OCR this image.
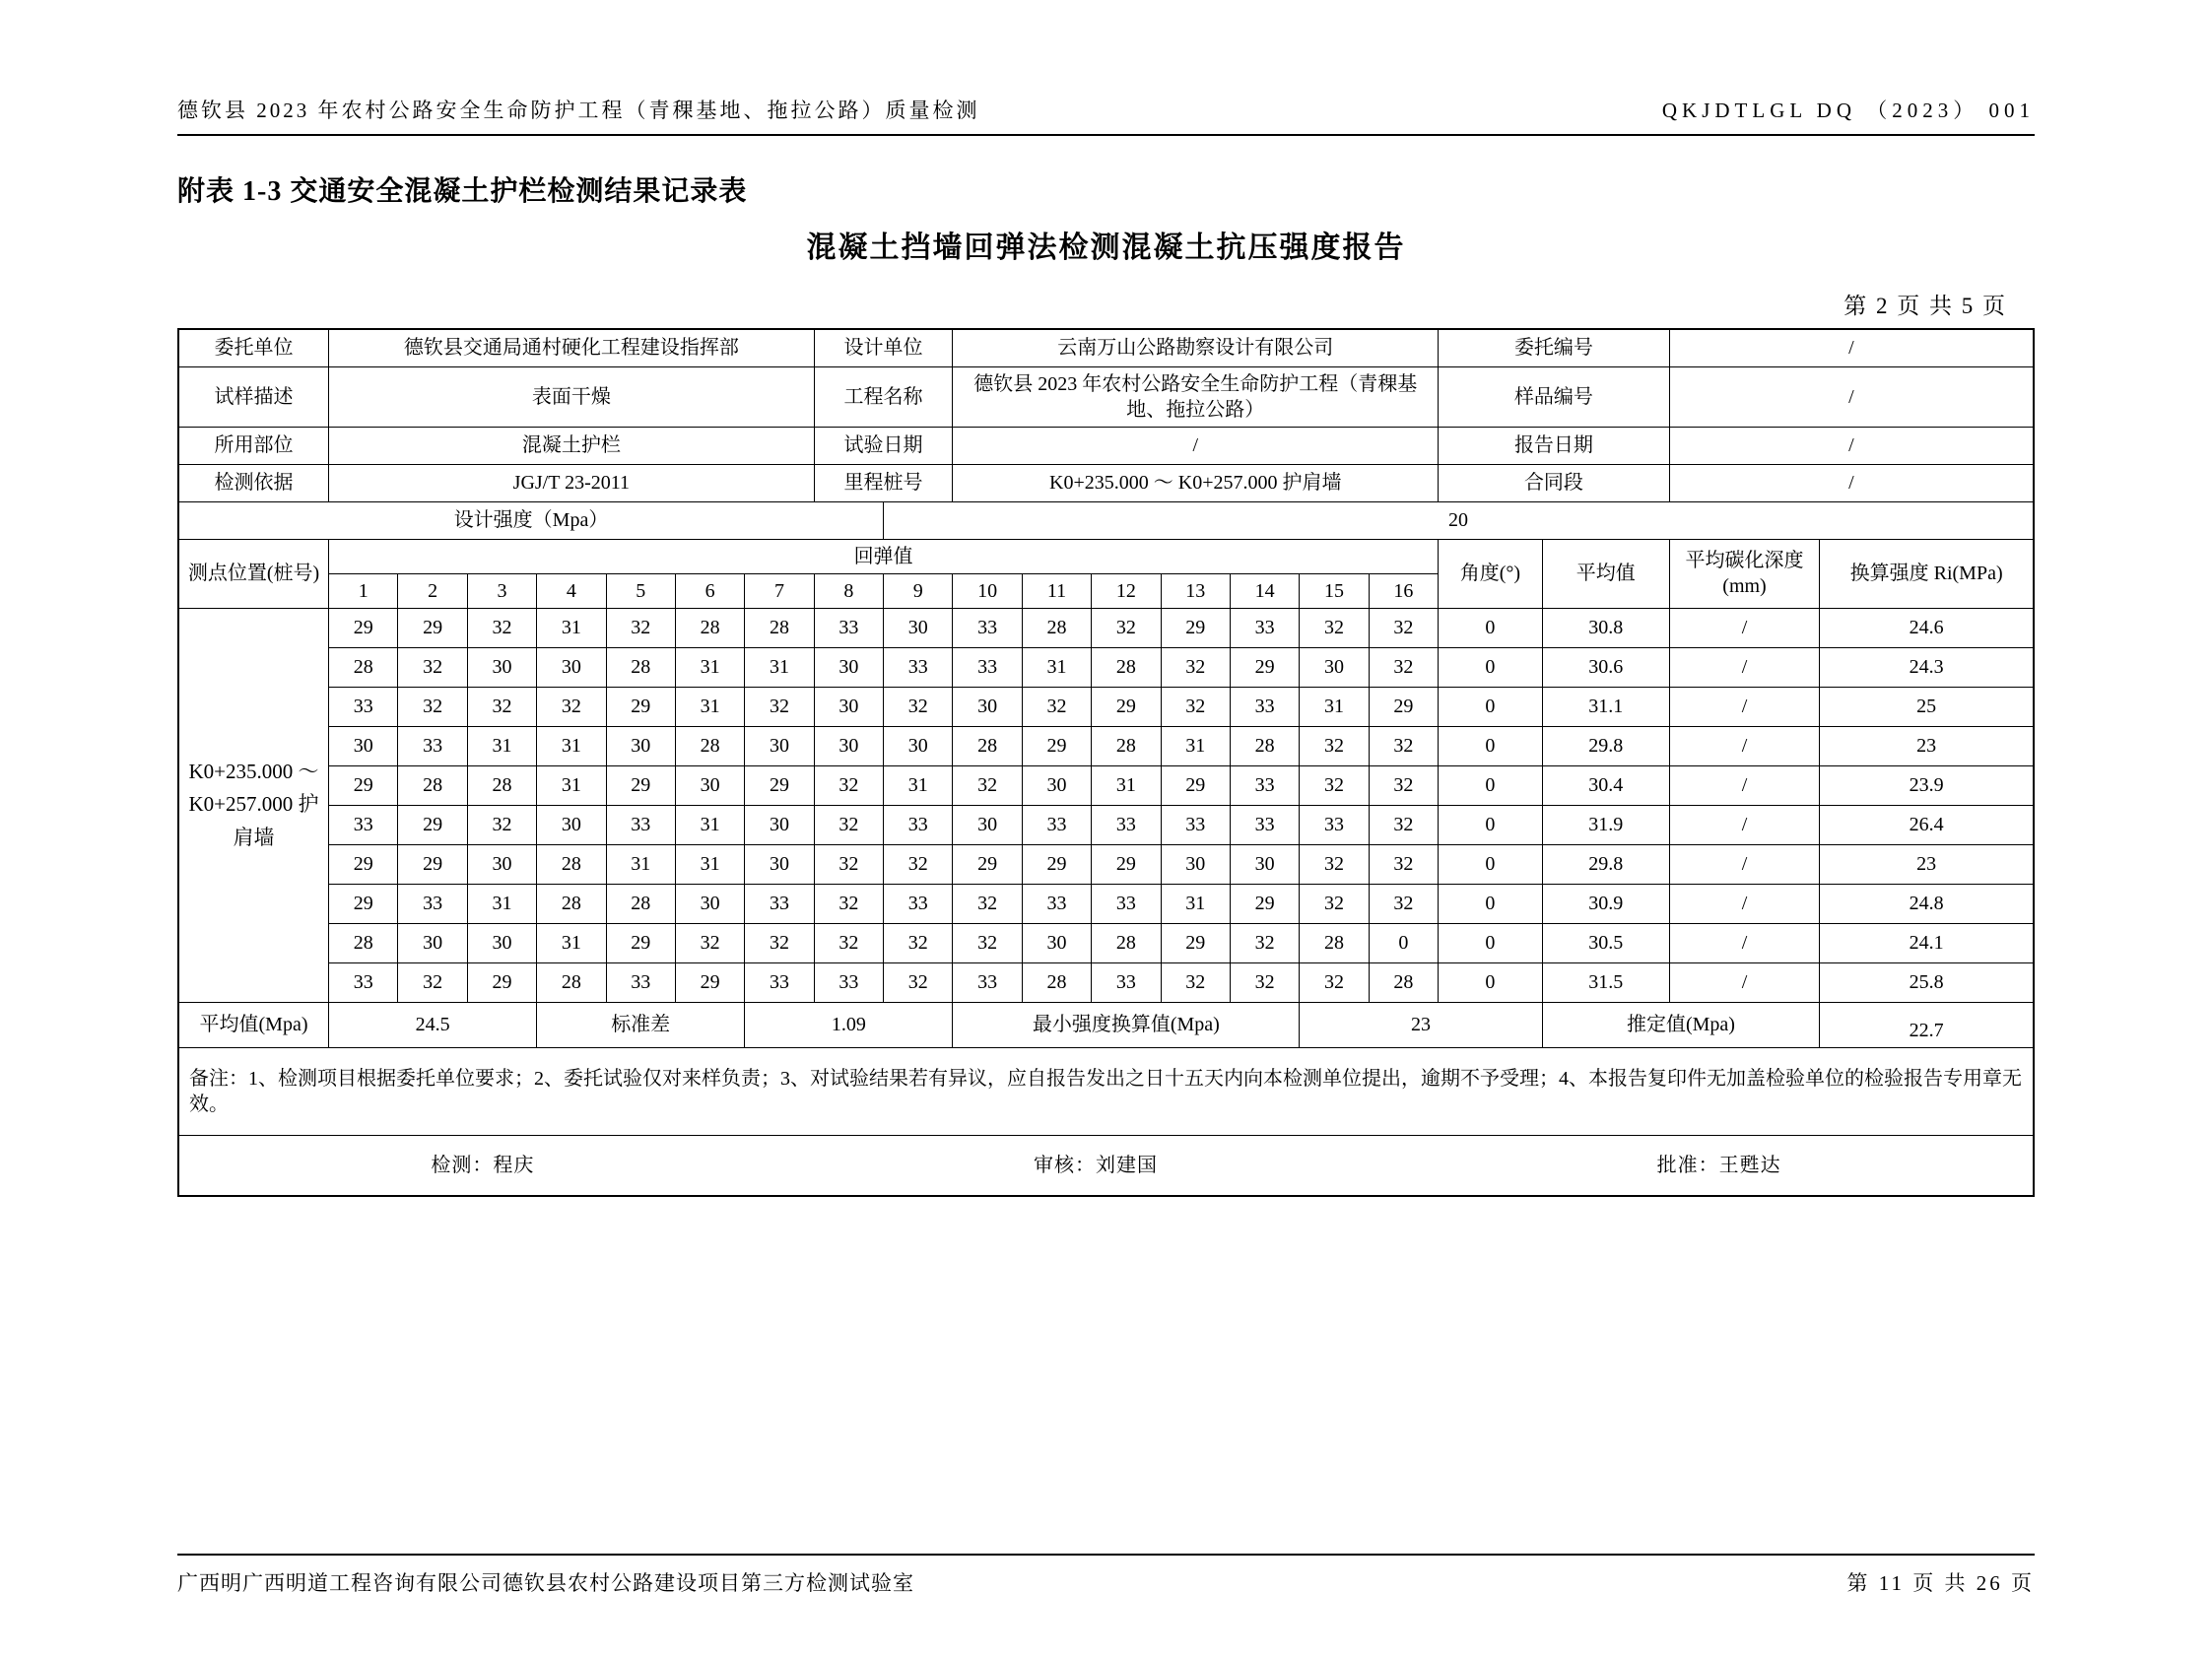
德钦县 2023 年农村公路安全生命防护工程（青稞基地、拖拉公路）质量检测	QKJDTLGL DQ （2023） 001
附表 1-3 交通安全混凝土护栏检测结果记录表
混凝土挡墙回弹法检测混凝土抗压强度报告
第 2 页 共 5 页
委托单位	德钦县交通局通村硬化工程建设指挥部							设计单位		云南万山公路勘察设计有限公司							委托编号		/	
试样描述	表面干燥							工程名称		德钦县 2023 年农村公路安全生命防护工程（青稞基地、拖拉公路）							样品编号		/	
所用部位	混凝土护栏							试验日期		/							报告日期		/	
检测依据	JGJ/T 23-2011							里程桩号		K0+235.000 ～ K0+257.000 护肩墙							合同段		/	
设计强度（Mpa）									20											
测点位置(桩号)	回弹值																角度(°)	平均值	平均碳化深度(mm)	换算强度 Ri(MPa)
	1	2	3	4	5	6	7	8	9	10	11	12	13	14	15	16				
K0+235.000 ～ K0+257.000 护肩墙	29	29	32	31	32	28	28	33	30	33	28	32	29	33	32	32	0	30.8	/	24.6
	28	32	30	30	28	31	31	30	33	33	31	28	32	29	30	32	0	30.6	/	24.3
	33	32	32	32	29	31	32	30	32	30	32	29	32	33	31	29	0	31.1	/	25
	30	33	31	31	30	28	30	30	30	28	29	28	31	28	32	32	0	29.8	/	23
	29	28	28	31	29	30	29	32	31	32	30	31	29	33	32	32	0	30.4	/	23.9
	33	29	32	30	33	31	30	32	33	30	33	33	33	33	33	32	0	31.9	/	26.4
	29	29	30	28	31	31	30	32	32	29	29	29	30	30	32	32	0	29.8	/	23
	29	33	31	28	28	30	33	32	33	32	33	33	31	29	32	32	0	30.9	/	24.8
	28	30	30	31	29	32	32	32	32	32	30	28	29	32	28	0	0	30.5	/	24.1
	33	32	29	28	33	29	33	33	32	33	28	33	32	32	32	28	0	31.5	/	25.8
平均值(Mpa)	24.5			标准差			1.09			最小强度换算值(Mpa)					23			推定值(Mpa)		22.7
备注：1、检测项目根据委托单位要求；2、委托试验仅对来样负责；3、对试验结果若有异议，应自报告发出之日十五天内向本检测单位提出，逾期不予受理；4、本报告复印件无加盖检验单位的检验报告专用章无效。																				

检测：程庆 审核：刘建国 批准：王甦达																				
广西明广西明道工程咨询有限公司德钦县农村公路建设项目第三方检测试验室	第 11 页 共 26 页
